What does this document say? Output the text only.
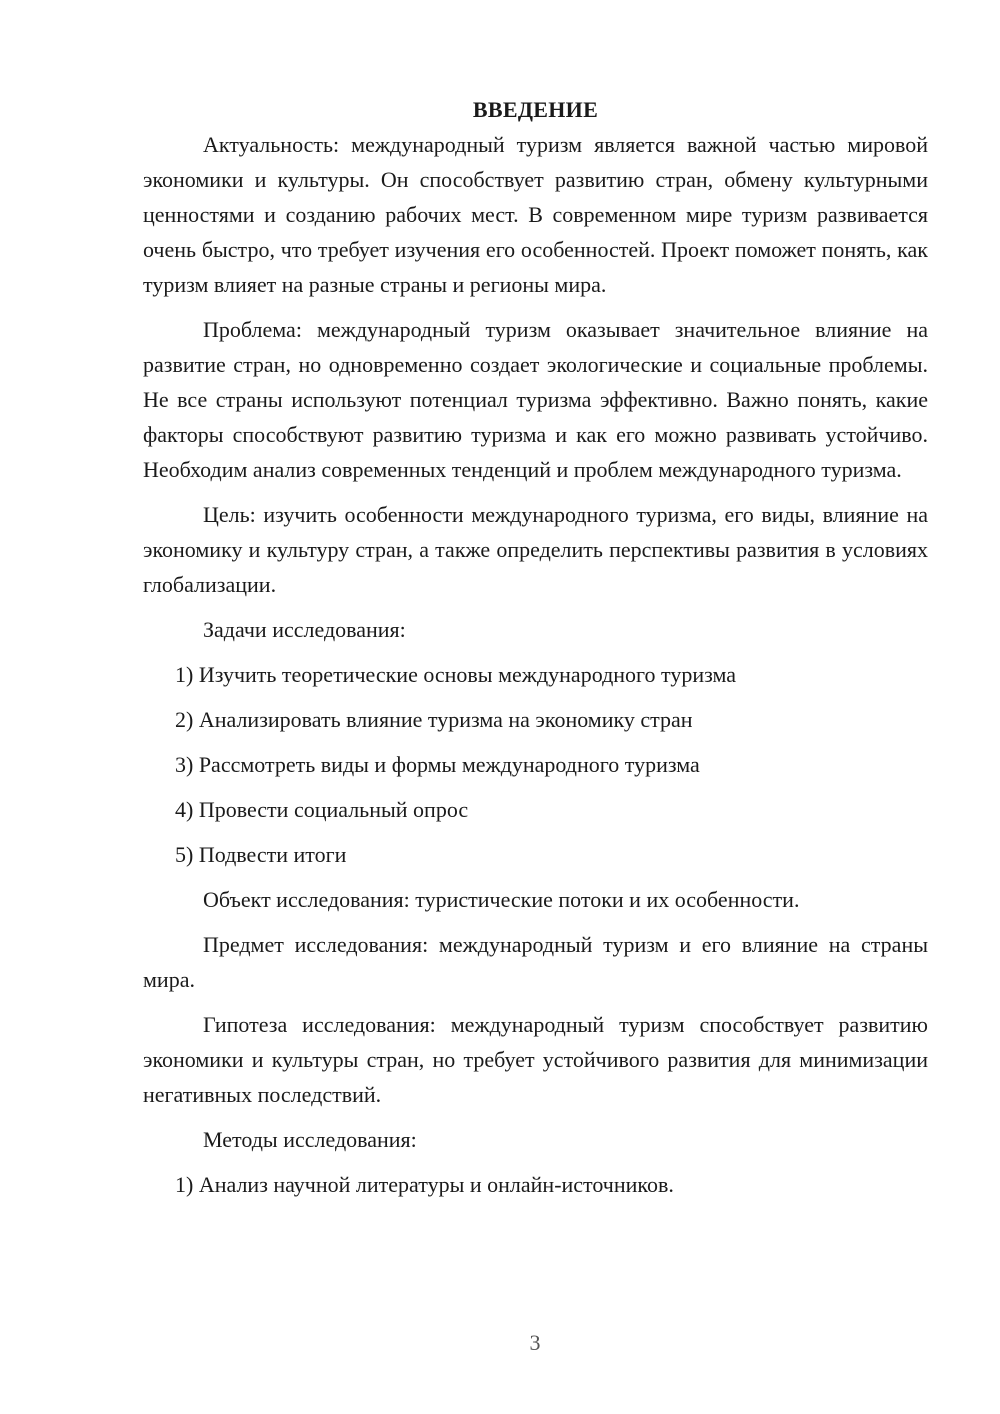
ВВЕДЕНИЕ

Актуальность: международный туризм является важной частью мировой экономики и культуры. Он способствует развитию стран, обмену культурными ценностями и созданию рабочих мест. В современном мире туризм развивается очень быстро, что требует изучения его особенностей. Проект поможет понять, как туризм влияет на разные страны и регионы мира.

Проблема: международный туризм оказывает значительное влияние на развитие стран, но одновременно создает экологические и социальные проблемы. Не все страны используют потенциал туризма эффективно. Важно понять, какие факторы способствуют развитию туризма и как его можно развивать устойчиво. Необходим анализ современных тенденций и проблем международного туризма.

Цель: изучить особенности международного туризма, его виды, влияние на экономику и культуру стран, а также определить перспективы развития в условиях глобализации.

Задачи исследования:

1) Изучить теоретические основы международного туризма
2) Анализировать влияние туризма на экономику стран
3) Рассмотреть виды и формы международного туризма
4) Провести социальный опрос
5) Подвести итоги

Объект исследования: туристические потоки и их особенности.

Предмет исследования: международный туризм и его влияние на страны мира.

Гипотеза исследования: международный туризм способствует развитию экономики и культуры стран, но требует устойчивого развития для минимизации негативных последствий.

Методы исследования:

1) Анализ научной литературы и онлайн-источников.
3
